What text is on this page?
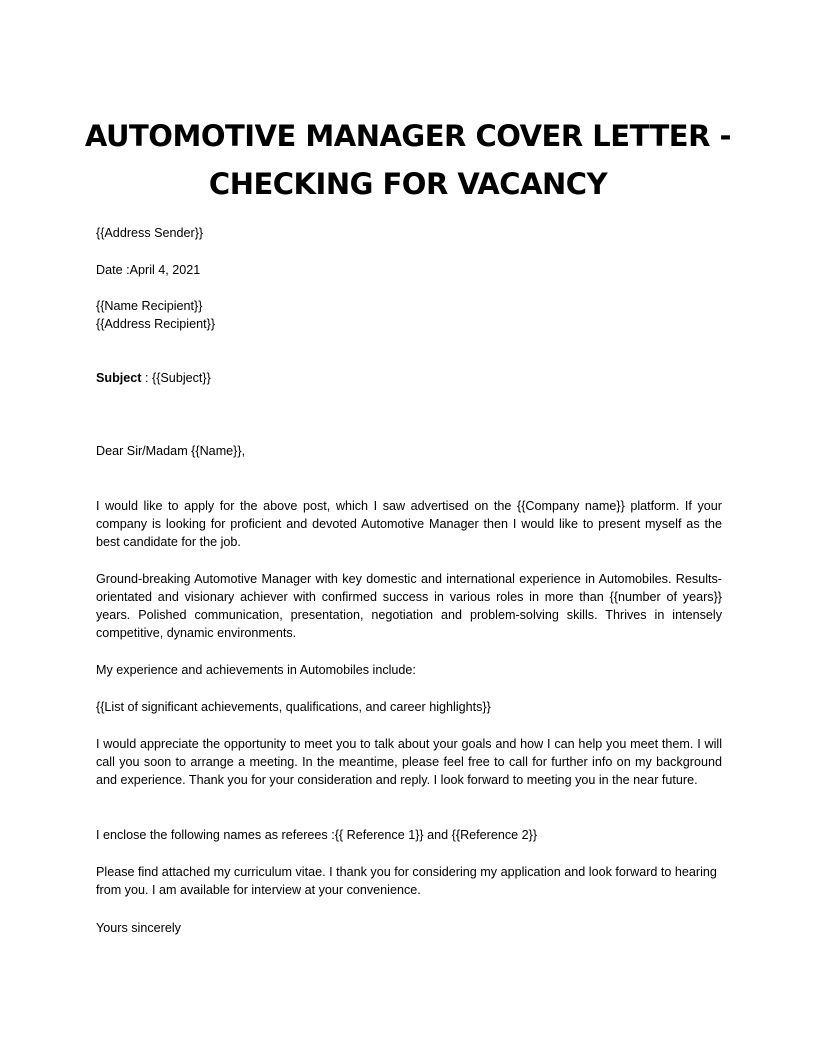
AUTOMOTIVE MANAGER COVER LETTER -
CHECKING FOR VACANCY

{{Address Sender}}

Date :April 4, 2021

{{Name Recipient}}

{{Address Recipient}}

Subject : {{Subject}}

Dear Sir/Madam {{Name}},

I would like to apply for the above post, which I saw advertised on the {{Company name}} platform. If your company is looking for proficient and devoted Automotive Manager then I would like to present myself as the best candidate for the job.

Ground-breaking Automotive Manager with key domestic and international experience in Automobiles. Results-orientated and visionary achiever with confirmed success in various roles in more than {{number of years}} years. Polished communication, presentation, negotiation and problem-solving skills. Thrives in intensely competitive, dynamic environments.

My experience and achievements in Automobiles include:

{{List of significant achievements, qualifications, and career highlights}}

I would appreciate the opportunity to meet you to talk about your goals and how I can help you meet them. I will call you soon to arrange a meeting. In the meantime, please feel free to call for further info on my background and experience. Thank you for your consideration and reply. I look forward to meeting you in the near future.

I enclose the following names as referees :{{ Reference 1}} and {{Reference 2}}

Please find attached my curriculum vitae. I thank you for considering my application and look forward to hearing from you. I am available for interview at your convenience.

Yours sincerely
